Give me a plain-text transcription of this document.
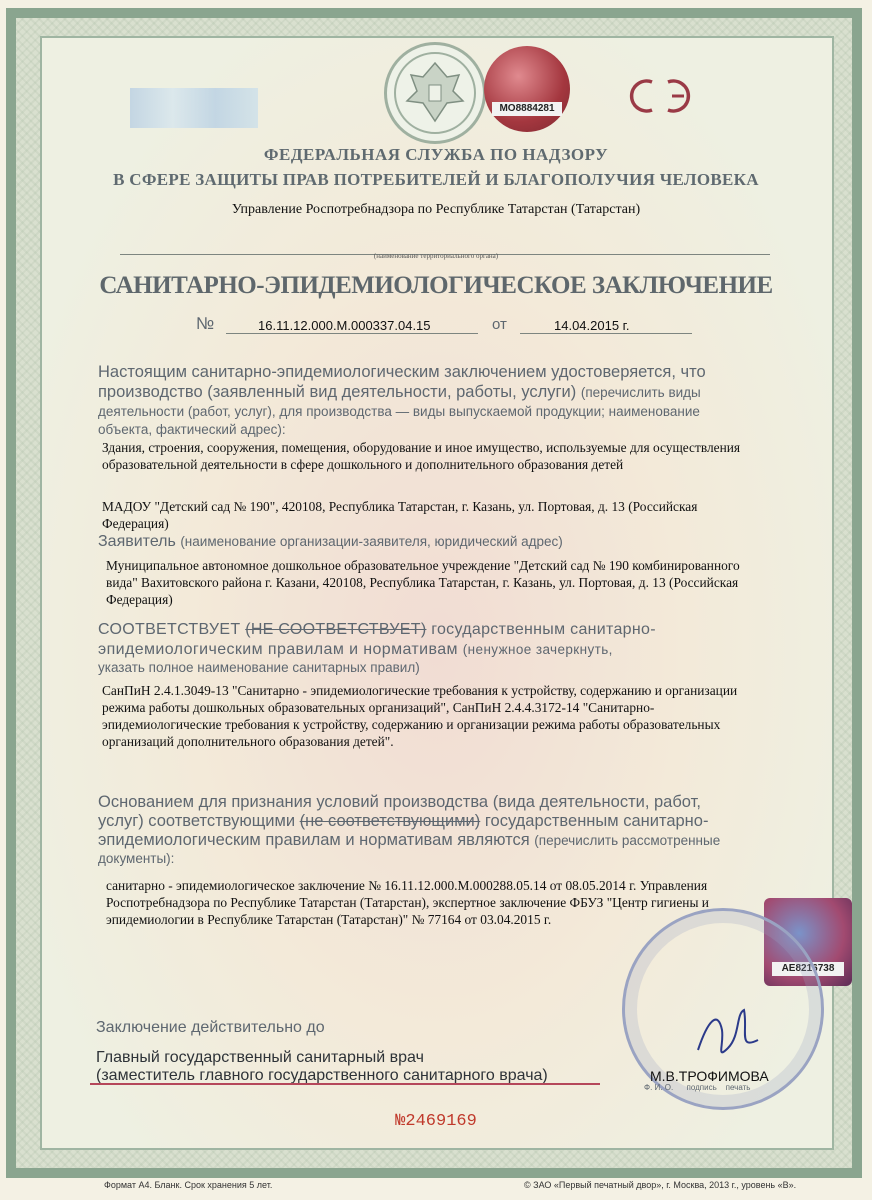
МО8884281
ФЕДЕРАЛЬНАЯ СЛУЖБА ПО НАДЗОРУ
В СФЕРЕ ЗАЩИТЫ ПРАВ ПОТРЕБИТЕЛЕЙ И БЛАГОПОЛУЧИЯ ЧЕЛОВЕКА
Управление Роспотребнадзора по Республике Татарстан (Татарстан)
(наименование территориального органа)
САНИТАРНО-ЭПИДЕМИОЛОГИЧЕСКОЕ ЗАКЛЮЧЕНИЕ
№	16.11.12.000.М.000337.04.15	от	14.04.2015 г.
Настоящим санитарно-эпидемиологическим заключением удостоверяется, что
производство (заявленный вид деятельности, работы, услуги) (перечислить виды
деятельности (работ, услуг), для производства — виды выпускаемой продукции; наименование
объекта, фактический адрес):
Здания, строения, сооружения, помещения, оборудование и иное имущество, используемые для осуществления
образовательной деятельности в сфере дошкольного и дополнительного образования детей
МАДОУ "Детский сад № 190", 420108, Республика Татарстан, г. Казань, ул. Портовая, д. 13 (Российская
Федерация)
Заявитель (наименование организации-заявителя, юридический адрес)
Муниципальное автономное дошкольное образовательное учреждение "Детский сад № 190 комбинированного
вида" Вахитовского района г. Казани, 420108, Республика Татарстан, г. Казань, ул. Портовая, д. 13 (Российская
Федерация)
СООТВЕТСТВУЕТ (НЕ СООТВЕТСТВУЕТ) государственным санитарно-
эпидемиологическим правилам и нормативам (ненужное зачеркнуть,
указать полное наименование санитарных правил)
СанПиН 2.4.1.3049-13 "Санитарно - эпидемиологические требования к устройству, содержанию и организации
режима работы дошкольных образовательных организаций", СанПиН 2.4.4.3172-14 "Санитарно-
эпидемиологические требования к устройству, содержанию и организации режима работы образовательных
организаций дополнительного образования детей".
Основанием для признания условий производства (вида деятельности, работ,
услуг) соответствующими (не соответствующими) государственным санитарно-
эпидемиологическим правилам и нормативам являются (перечислить рассмотренные
документы):
санитарно - эпидемиологическое заключение № 16.11.12.000.М.000288.05.14 от 08.05.2014 г. Управления
Роспотребнадзора по Республике Татарстан (Татарстан), экспертное заключение ФБУЗ "Центр гигиены и
эпидемиологии в Республике Татарстан (Татарстан)" № 77164 от 03.04.2015 г.
АЕ8216738
Заключение действительно до
Главный государственный санитарный врач
(заместитель главного государственного санитарного врача)	М.В.ТРОФИМОВА
Ф. И. О.      подпись    печать
№2469169
Формат А4. Бланк. Срок хранения 5 лет.	© ЗАО «Первый печатный двор», г. Москва, 2013 г., уровень «В».
